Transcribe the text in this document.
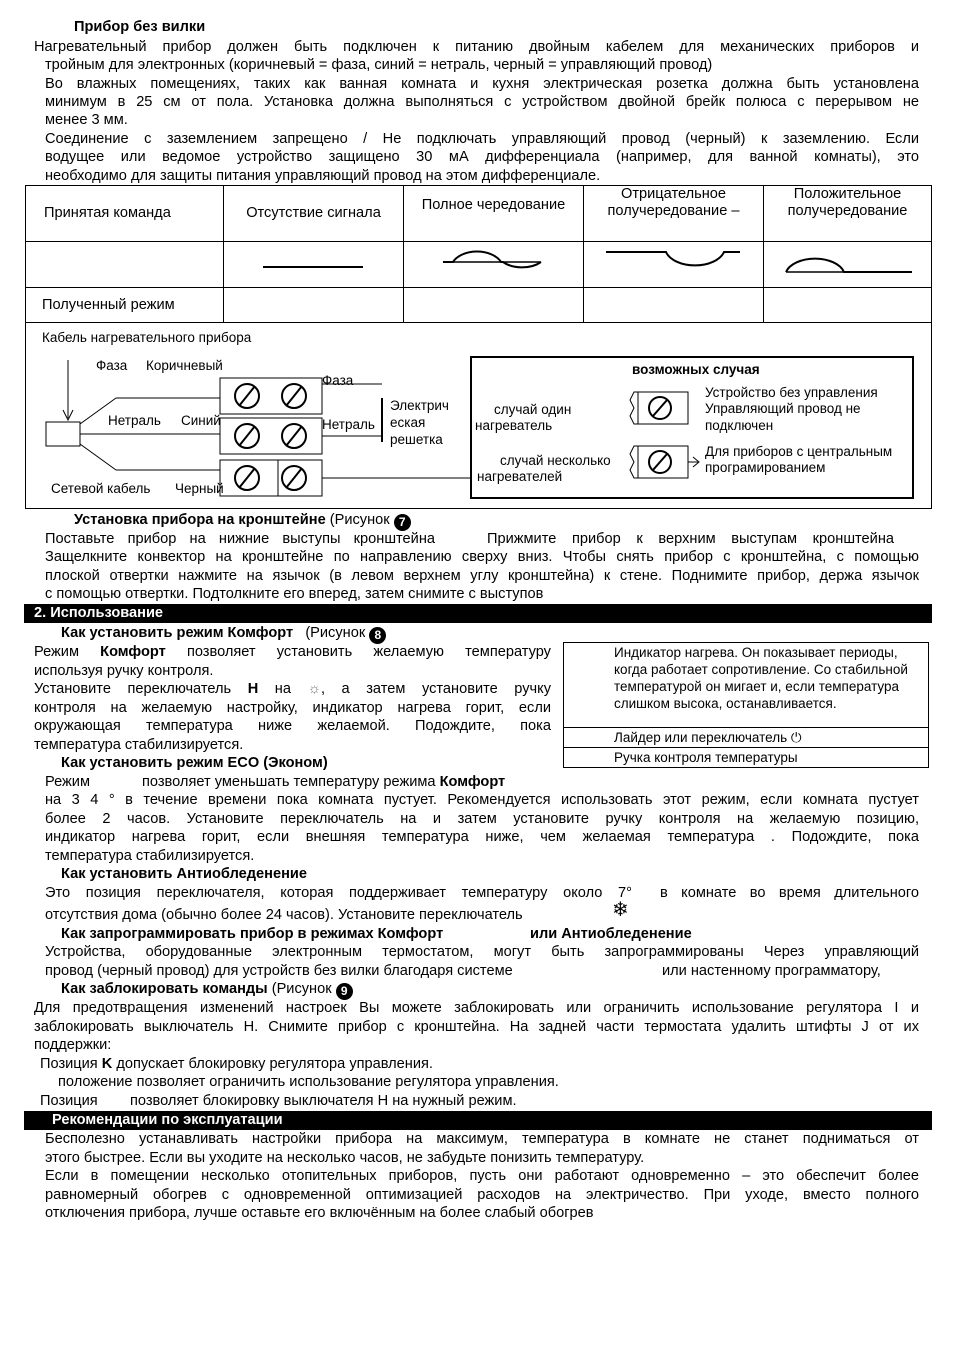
Прибор без вилки
Нагревательный прибор должен быть подключен к питанию двойным кабелем для механических приборов и
тройным для электронных (коричневый = фаза, синий = нетраль, черный = управляющий провод)
Во влажных помещениях, таких как ванная комната и кухня электрическая розетка должна быть установлена
минимум в 25 см от пола. Установка должна выполняться с устройством двойной брейк полюса с перерывом не
менее 3 мм.
Соединение с заземлением запрещено / Не подключать управляющий провод (черный) к заземлению. Если
водущее или ведомое устройство защищено 30 мА дифференциала (например, для ванной комнаты), это
необходимо для защиты питания управляющий провод на этом дифференциале.
Принятая команда	Отсутствие сигнала	Полное чередование	Отрицательное получередование –	Положительное получередование

Полученный режим				
Кабель нагревательного прибора
Фаза Коричневый
Нетраль Синий
Сетевой кабель Черный
Фаза
Нетраль
Электрич
еская
решетка
возможных случая
случай один
нагреватель
Устройство без управления
Управляющий провод не
подключен
случай несколько
нагревателей
Для приборов с центральным
програмированием
Установка прибора на кронштейне (Рисунок 7
Поставьте прибор на нижние выступы кронштейна	Прижмите прибор к верхним выступам кронштейна
Защелкните конвектор на кронштейне по направлению сверху вниз. Чтобы снять прибор с кронштейна, с помощью
плоской отвертки нажмите на язычок (в левом верхнем углу кронштейна) к стене. Поднимите прибор, держа язычок
с помощью отвертки. Подтолкните его вперед, затем снимите с выступов
2. Использование
Как установить режим Комфорт (Рисунок 8
Режим Комфорт позволяет установить желаемую температуру
используя ручку контроля.
Установите переключатель H на ☼, а затем установите ручку
контроля на желаемую настройку, индикатор нагрева горит, если
окружающая температура ниже желаемой. Подождите, пока
температура стабилизируется.
Индикатор нагрева. Он показывает периоды, когда работает сопротивление. Со стабильной температурой он мигает и, если температура слишком высока, останавливается.
Лайдер или переключатель ⏻
Ручка контроля температуры
Как установить режим ECO (Эконом)
Режим	позволяет уменьшать температуру режима Комфорт
на 3 4 ° в течение времени пока комната пустует. Рекомендуется использовать этот режим, если комната пустует
более 2 часов. Установите переключатель на и затем установите ручку контроля на желаемую позицию,
индикатор нагрева горит, если внешняя температура ниже, чем желаемая температура . Подождите, пока
температура стабилизируется.
Как установить Антиобледенение
Это позиция переключателя, которая поддерживает температуру около 7° в комнате во время длительного
отсутствия дома (обычно более 24 часов). Установите переключатель	❄
Как запрограммировать прибор в режимах Комфорт	или Антиобледенение
Устройства, оборудованные электронным термостатом, могут быть запрограммированы Через управляющий
провод (черный провод) для устройств без вилки благодаря системе	или настенному программатору,
Как заблокировать команды (Рисунок 9
Для предотвращения изменений настроек Вы можете заблокировать или ограничить использование регулятора I и
заблокировать выключатель H. Снимите прибор с кронштейна. На задней части термостата удалить штифты J от их
поддержки:
Позиция K допускает блокировку регулятора управления.
положение позволяет ограничить использование регулятора управления.
Позиция позволяет блокировку выключателя H на нужный режим.
Рекомендации по эксплуатации
Бесполезно устанавливать настройки прибора на максимум, температура в комнате не станет подниматься от
этого быстрее. Если вы уходите на несколько часов, не забудьте понизить температуру.
Если в помещении несколько отопительных приборов, пусть они работают одновременно – это обеспечит более
равномерный обогрев с одновременной оптимизацией расходов на электричество. При уходе, вместо полного
отключения прибора, лучше оставьте его включённым на более слабый обогрев
